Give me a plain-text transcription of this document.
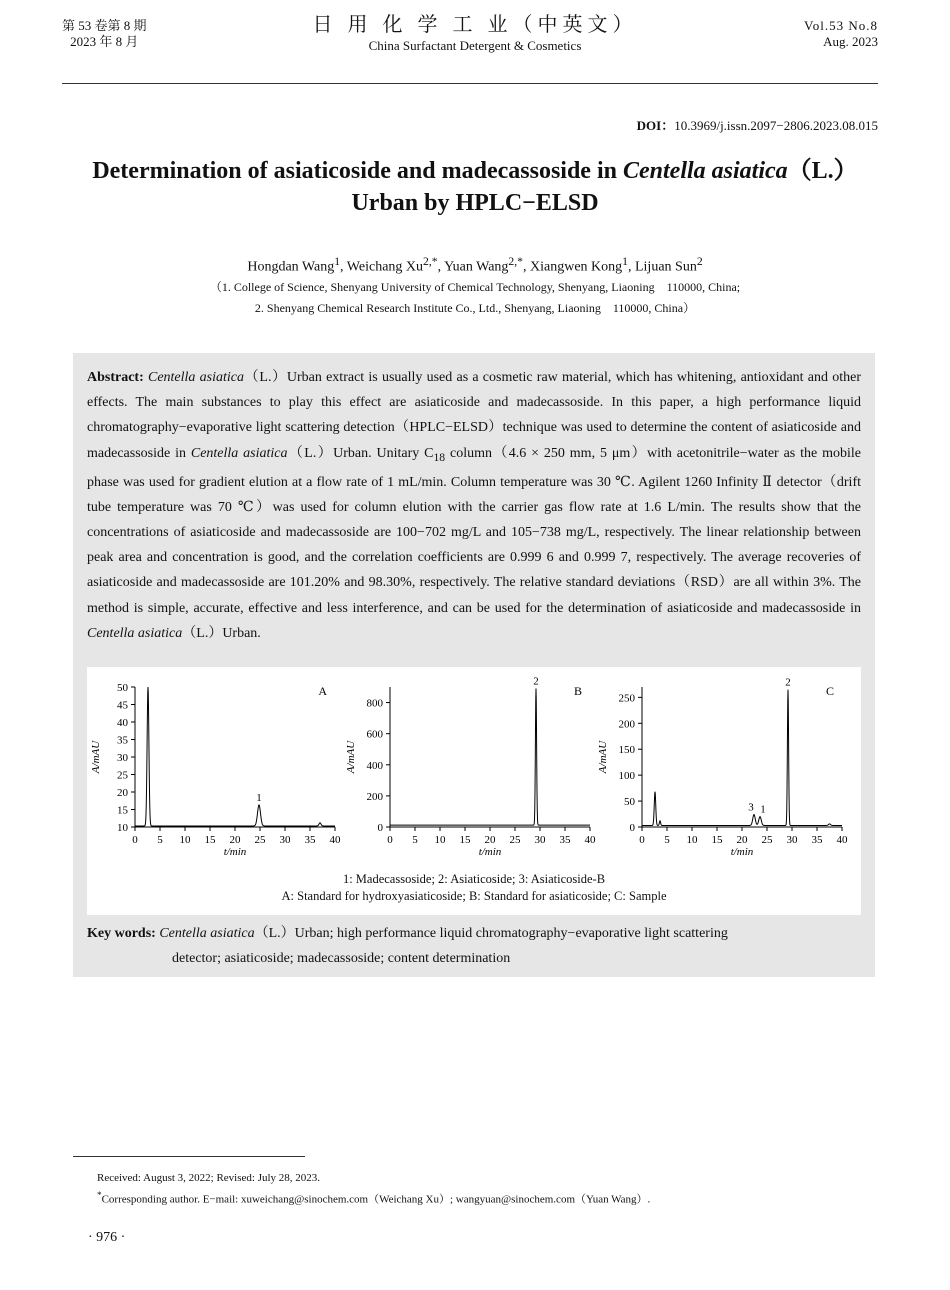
第 53 卷第 8 期
2023 年 8 月
日 用 化 学 工 业（中英文）
China Surfactant Detergent & Cosmetics
Vol.53 No.8
Aug. 2023
DOI：10.3969/j.issn.2097−2806.2023.08.015
Determination of asiaticoside and madecassoside in Centella asiatica（L.）
Urban by HPLC−ELSD
Hongdan Wang$^1$, Weichang $Xu^{2,*}$, Yuan Wang$^{2,*}$, Xiangwen Kong$^1$, Lijuan Sun$^2$
（1. College of Science, Shenyang University of Chemical Technology, Shenyang, Liaoning　110000, China;
2. Shenyang Chemical Research Institute Co., Ltd., Shenyang, Liaoning　110000, China）
Abstract: Centella asiatica（L.）Urban extract is usually used as a cosmetic raw material, which has whitening, antioxidant and other effects. The main substances to play this effect are asiaticoside and madecassoside. In this paper, a high performance liquid chromatography−evaporative light scattering detection（HPLC−ELSD）technique was used to determine the content of asiaticoside and madecassoside in Centella asiatica（L.）Urban. Unitary $C_{18}$ column（4.6 × 250 mm, 5 μm）with acetonitrile−water as the mobile phase was used for gradient elution at a flow rate of 1 mL/min. Column temperature was 30 ℃. Agilent 1260 Infinity Ⅱ detector（drift tube temperature was 70 ℃）was used for column elution with the carrier gas flow rate at 1.6 L/min. The results show that the concentrations of asiaticoside and madecassoside are 100−702 mg/L and 105−738 mg/L, respectively. The linear relationship between peak area and concentration is good, and the correlation coefficients are 0.999 6 and 0.999 7, respectively. The average recoveries of asiaticoside and madecassoside are 101.20% and 98.30%, respectively. The relative standard deviations（RSD）are all within 3%. The method is simple, accurate, effective and less interference, and can be used for the determination of asiaticoside and madecassoside in Centella asiatica（L.）Urban.
Key words: Centella asiatica（L.）Urban; high performance liquid chromatography−evaporative light scattering
detector; asiaticoside; madecassoside; content determination
0 5 10 15 20 25 30 35 40
10
15
20
25
30
35
40
45
50
t/min
A/mAU
A
1
0 5 10 15 20 25 30 35 40
0
200
400
600
800
t/min
A/mAU
B
2
0 5 10 15 20 25 30 35 40
0
50
100
150
200
250
t/min
A/mAU
C
3 1
2
1: Madecassoside; 2: Asiaticoside; 3: Asiaticoside-B
A: Standard for hydroxyasiaticoside; B: Standard for asiaticoside; C: Sample
Received: August 3, 2022; Revised: July 28, 2023.
*Corresponding author. E−mail: xuweichang@sinochem.com（Weichang Xu）; wangyuan@sinochem.com（Yuan Wang）.
· 976 ·
